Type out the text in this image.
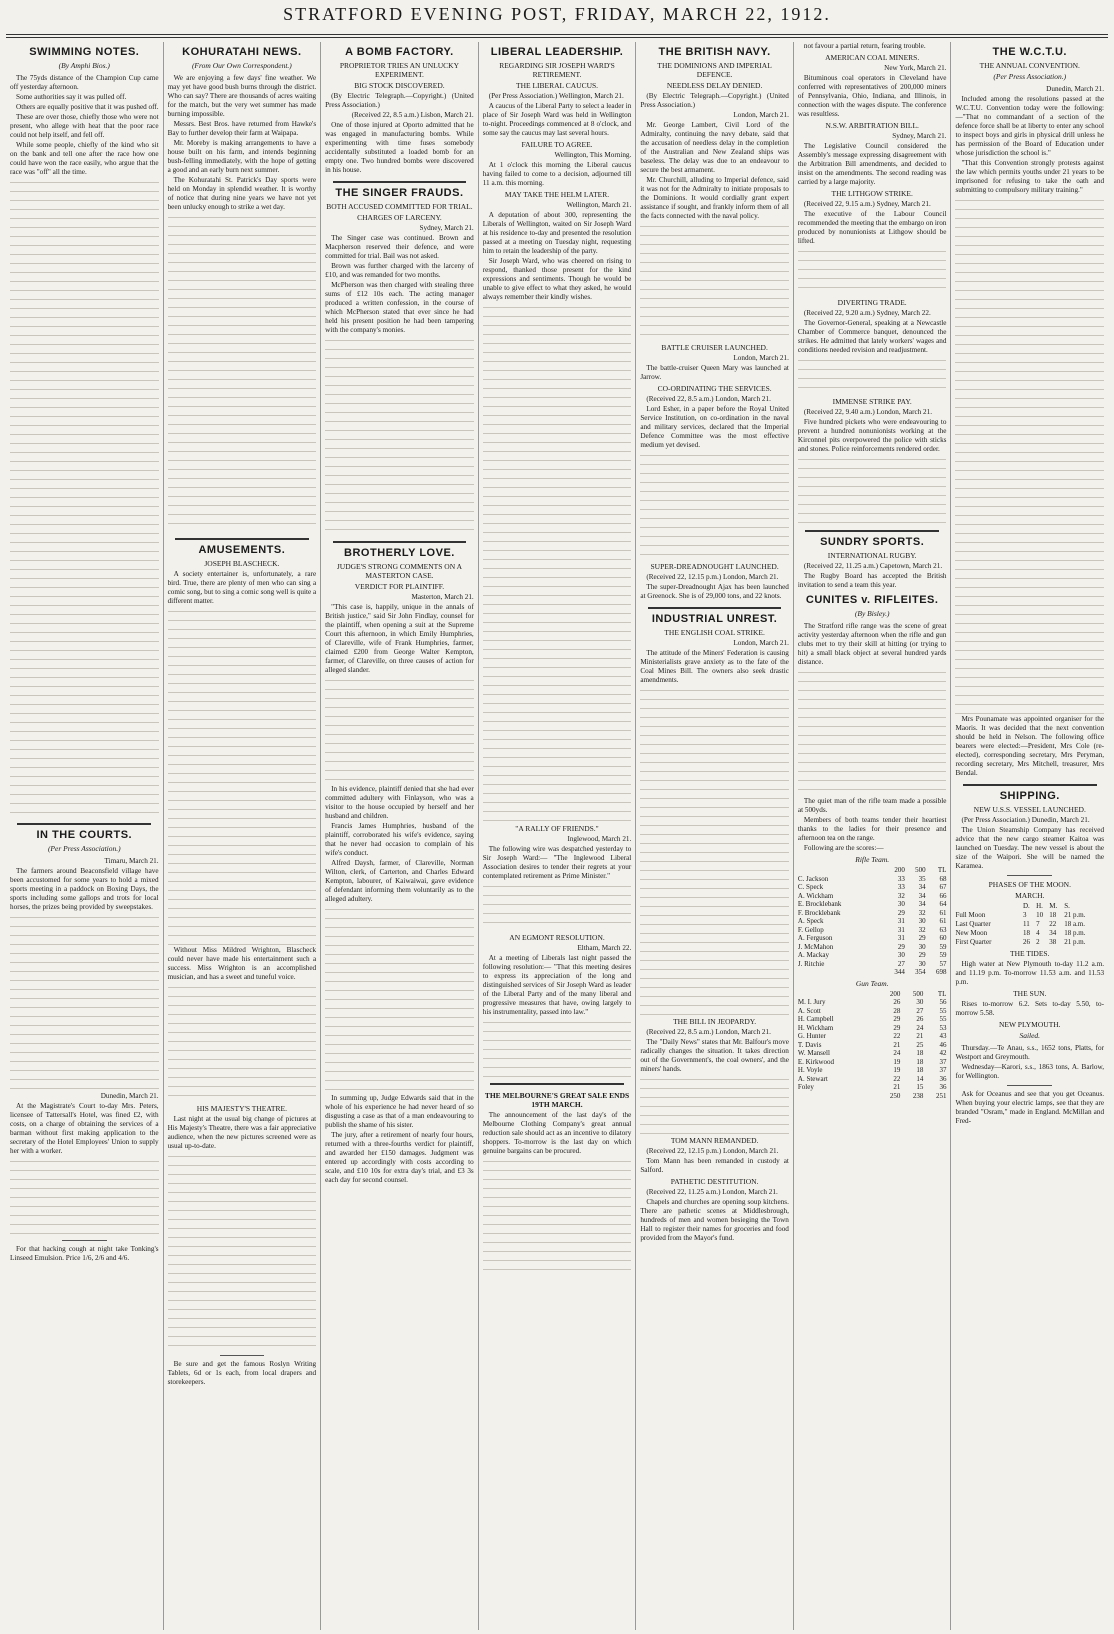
STRATFORD EVENING POST, FRIDAY, MARCH 22, 1912.
SWIMMING NOTES.
(By Amphi Bios.)

The 75yds distance of the Champion Cup came off yesterday afternoon.

Some authorities say it was pulled off.

Others are equally positive that it was pushed off.

These are over those, chiefly those who were not present, who allege with heat that the poor race could not help itself, and fell off.

While some people, chiefly of the kind who sit on the bank and tell one after the race how one could have won the race easily, who argue that the race was "off" all the time.

IN THE COURTS.
(Per Press Association.)

Timaru, March 21.

The farmers around Beaconsfield village have been accustomed for some years to hold a mixed sports meeting in a paddock on Boxing Days, the sports including some gallops and trots for local horses, the prizes being provided by sweepstakes.

Dunedin, March 21.

At the Magistrate's Court to-day Mrs. Peters, licensee of Tattersall's Hotel, was fined £2, with costs, on a charge of obtaining the services of a barman without first making application to the secretary of the Hotel Employees' Union to supply her with a worker.

For that hacking cough at night take Tonking's Linseed Emulsion. Price 1/6, 2/6 and 4/6.

KOHURATAHI NEWS.
(From Our Own Correspondent.)

We are enjoying a few days' fine weather. We may yet have good bush burns through the district. Who can say? There are thousands of acres waiting for the match, but the very wet summer has made burning impossible.

Messrs. Best Bros. have returned from Hawke's Bay to further develop their farm at Waipapa.

Mr. Moreby is making arrangements to have a house built on his farm, and intends beginning bush-felling immediately, with the hope of getting a good and an early burn next summer.

The Kohuratahi St. Patrick's Day sports were held on Monday in splendid weather. It is worthy of notice that during nine years we have not yet been unlucky enough to strike a wet day.

AMUSEMENTS.
JOSEPH BLASCHECK.

A society entertainer is, unfortunately, a rare bird. True, there are plenty of men who can sing a comic song, but to sing a comic song well is quite a different matter.

Without Miss Mildred Wrighton, Blascheck could never have made his entertainment such a success. Miss Wrighton is an accomplished musician, and has a sweet and tuneful voice.

HIS MAJESTY'S THEATRE.

Last night at the usual big change of pictures at His Majesty's Theatre, there was a fair appreciative audience, when the new pictures screened were as usual up-to-date.

Be sure and get the famous Roslyn Writing Tablets, 6d or 1s each, from local drapers and storekeepers.

A BOMB FACTORY.
PROPRIETOR TRIES AN UNLUCKY EXPERIMENT.
BIG STOCK DISCOVERED.

(By Electric Telegraph.—Copyright.) (United Press Association.)

(Received 22, 8.5 a.m.) Lisbon, March 21.

One of those injured at Oporto admitted that he was engaged in manufacturing bombs. While experimenting with time fuses somebody accidentally substituted a loaded bomb for an empty one. Two hundred bombs were discovered in his house.

THE SINGER FRAUDS.
BOTH ACCUSED COMMITTED FOR TRIAL.
CHARGES OF LARCENY.

Sydney, March 21.

The Singer case was continued. Brown and Macpherson reserved their defence, and were committed for trial. Bail was not asked.

Brown was further charged with the larceny of £10, and was remanded for two months.

McPherson was then charged with stealing three sums of £12 10s each. The acting manager produced a written confession, in the course of which McPherson stated that ever since he had held his present position he had been tampering with the company's monies.

BROTHERLY LOVE.
JUDGE'S STRONG COMMENTS ON A MASTERTON CASE.
VERDICT FOR PLAINTIFF.

Masterton, March 21.

"This case is, happily, unique in the annals of British justice," said Sir John Findlay, counsel for the plaintiff, when opening a suit at the Supreme Court this afternoon, in which Emily Humphries, of Clareville, wife of Frank Humphries, farmer, claimed £200 from George Walter Kempton, farmer, of Clareville, on three causes of action for alleged slander.

In his evidence, plaintiff denied that she had ever committed adultery with Finlayson, who was a visitor to the house occupied by herself and her husband and children.

Francis James Humphries, husband of the plaintiff, corroborated his wife's evidence, saying that he never had occasion to complain of his wife's conduct.

Alfred Daysh, farmer, of Clareville, Norman Wilton, clerk, of Carterton, and Charles Edward Kempton, labourer, of Kaiwaiwai, gave evidence of defendant informing them voluntarily as to the alleged adultery.

In summing up, Judge Edwards said that in the whole of his experience he had never heard of so disgusting a case as that of a man endeavouring to publish the shame of his sister.

The jury, after a retirement of nearly four hours, returned with a three-fourths verdict for plaintiff, and awarded her £150 damages. Judgment was entered up accordingly with costs according to scale, and £10 10s for extra day's trial, and £3 3s each day for second counsel.

LIBERAL LEADERSHIP.
REGARDING SIR JOSEPH WARD'S RETIREMENT.
THE LIBERAL CAUCUS.

(Per Press Association.) Wellington, March 21.

A caucus of the Liberal Party to select a leader in place of Sir Joseph Ward was held in Wellington to-night. Proceedings commenced at 8 o'clock, and some say the caucus may last several hours.

FAILURE TO AGREE.

Wellington, This Morning.

At 1 o'clock this morning the Liberal caucus having failed to come to a decision, adjourned till 11 a.m. this morning.

MAY TAKE THE HELM LATER.

Wellington, March 21.

A deputation of about 300, representing the Liberals of Wellington, waited on Sir Joseph Ward at his residence to-day and presented the resolution passed at a meeting on Tuesday night, requesting him to retain the leadership of the party.

Sir Joseph Ward, who was cheered on rising to respond, thanked those present for the kind expressions and sentiments. Though he would be unable to give effect to what they asked, he would always remember their kindly wishes.

"A RALLY OF FRIENDS."

Inglewood, March 21.

The following wire was despatched yesterday to Sir Joseph Ward:— "The Inglewood Liberal Association desires to tender their regrets at your contemplated retirement as Prime Minister."

AN EGMONT RESOLUTION.

Eltham, March 22.

At a meeting of Liberals last night passed the following resolution:— "That this meeting desires to express its appreciation of the long and distinguished services of Sir Joseph Ward as leader of the Liberal Party and of the many liberal and progressive measures that have, owing largely to his instrumentality, passed into law."

THE MELBOURNE'S GREAT SALE ENDS 19TH MARCH.

The announcement of the last day's of the Melbourne Clothing Company's great annual reduction sale should act as an incentive to dilatory shoppers. To-morrow is the last day on which genuine bargains can be procured.

THE BRITISH NAVY.
THE DOMINIONS AND IMPERIAL DEFENCE.
NEEDLESS DELAY DENIED.

(By Electric Telegraph.—Copyright.) (United Press Association.)

London, March 21.

Mr. George Lambert, Civil Lord of the Admiralty, continuing the navy debate, said that the accusation of needless delay in the completion of the Australian and New Zealand ships was baseless. The delay was due to an endeavour to secure the best armament.

Mr. Churchill, alluding to Imperial defence, said it was not for the Admiralty to initiate proposals to the Dominions. It would cordially grant expert assistance if sought, and frankly inform them of all the facts connected with the naval policy.

BATTLE CRUISER LAUNCHED.

London, March 21.

The battle-cruiser Queen Mary was launched at Jarrow.

CO-ORDINATING THE SERVICES.

(Received 22, 8.5 a.m.) London, March 21.

Lord Esher, in a paper before the Royal United Service Institution, on co-ordination in the naval and military services, declared that the Imperial Defence Committee was the most effective medium yet devised.

SUPER-DREADNOUGHT LAUNCHED.

(Received 22, 12.15 p.m.) London, March 21.

The super-Dreadnought Ajax has been launched at Greenock. She is of 29,000 tons, and 22 knots.

INDUSTRIAL UNREST.
THE ENGLISH COAL STRIKE.

London, March 21.

The attitude of the Miners' Federation is causing Ministerialists grave anxiety as to the fate of the Coal Mines Bill. The owners also seek drastic amendments.

THE BILL IN JEOPARDY.

(Received 22, 8.5 a.m.) London, March 21.

The "Daily News" states that Mr. Balfour's move radically changes the situation. It takes direction out of the Government's, the coal owners', and the miners' hands.

TOM MANN REMANDED.

(Received 22, 12.15 p.m.) London, March 21.

Tom Mann has been remanded in custody at Salford.

PATHETIC DESTITUTION.

(Received 22, 11.25 a.m.) London, March 21.

Chapels and churches are opening soup kitchens. There are pathetic scenes at Middlesbrough, hundreds of men and women besieging the Town Hall to register their names for groceries and food provided from the Mayor's fund.

not favour a partial return, fearing trouble.

AMERICAN COAL MINERS.

New York, March 21.

Bituminous coal operators in Cleveland have conferred with representatives of 200,000 miners of Pennsylvania, Ohio, Indiana, and Illinois, in connection with the wages dispute. The conference was resultless.

N.S.W. ARBITRATION BILL.

Sydney, March 21.

The Legislative Council considered the Assembly's message expressing disagreement with the Arbitration Bill amendments, and decided to insist on the amendments. The second reading was carried by a large majority.

THE LITHGOW STRIKE.

(Received 22, 9.15 a.m.) Sydney, March 21.

The executive of the Labour Council recommended the meeting that the embargo on iron produced by nonunionists at Lithgow should be lifted.

DIVERTING TRADE.

(Received 22, 9.20 a.m.) Sydney, March 22.

The Governor-General, speaking at a Newcastle Chamber of Commerce banquet, denounced the strikes. He admitted that lately workers' wages and conditions needed revision and readjustment.

IMMENSE STRIKE PAY.

(Received 22, 9.40 a.m.) London, March 21.

Five hundred pickets who were endeavouring to prevent a hundred nonunionists working at the Kirconnel pits overpowered the police with sticks and stones. Police reinforcements rendered order.

SUNDRY SPORTS.
INTERNATIONAL RUGBY.

(Received 22, 11.25 a.m.) Capetown, March 21.

The Rugby Board has accepted the British invitation to send a team this year.

CUNITES v. RIFLEITES.
(By Bisley.)

The Stratford rifle range was the scene of great activity yesterday afternoon when the rifle and gun clubs met to try their skill at hitting (or trying to hit) a small black object at several hundred yards distance.

The quiet man of the rifle team made a possible at 500yds.

Members of both teams tender their heartiest thanks to the ladies for their presence and afternoon tea on the range.

Following are the scores:—

Rifle Team.
	200	500	TL
C. Jackson	33	35	68
C. Speck	33	34	67
A. Wickham	32	34	66
E. Brocklebank	30	34	64
F. Brocklebank	29	32	61
A. Speck	31	30	61
F. Gellop	31	32	63
A. Ferguson	31	29	60
J. McMahon	29	30	59
A. Mackay	30	29	59
J. Ritchie	27	30	57
	344	354	698
Gun Team.
	200	500	TL
M. I. Jury	26	30	56
A. Scott	28	27	55
H. Campbell	29	26	55
H. Wickham	29	24	53
G. Hunter	22	21	43
T. Davis	21	25	46
W. Mansell	24	18	42
E. Kirkwood	19	18	37
H. Voyle	19	18	37
A. Stewart	22	14	36
Foley	21	15	36
	250	238	251
THE W.C.T.U.
THE ANNUAL CONVENTION.
(Per Press Association.)

Dunedin, March 21.

Included among the resolutions passed at the W.C.T.U. Convention today were the following:—"That no commandant of a section of the defence force shall be at liberty to enter any school to inspect boys and girls in physical drill unless he has permission of the Board of Education under whose jurisdiction the school is."

"That this Convention strongly protests against the law which permits youths under 21 years to be imprisoned for refusing to take the oath and submitting to compulsory military training."

Mrs Pounamate was appointed organiser for the Maoris. It was decided that the next convention should be held in Nelson. The following office bearers were elected:—President, Mrs Cole (re-elected), corresponding secretary, Mrs Peryman, recording secretary, Mrs Mitchell, treasurer, Mrs Bendal.

SHIPPING.
NEW U.S.S. VESSEL LAUNCHED.

(Per Press Association.) Dunedin, March 21.

The Union Steamship Company has received advice that the new cargo steamer Kaitoa was launched on Tuesday. The new vessel is about the size of the Waipori. She will be named the Karamea.

PHASES OF THE MOON.
MARCH.
	D.	H.	M.	S.
Full Moon	3	10	18	21 p.m.
Last Quarter	11	7	22	18 a.m.
New Moon	18	4	34	18 p.m.
First Quarter	26	2	38	21 p.m.
THE TIDES.

High water at New Plymouth to-day 11.2 a.m. and 11.19 p.m. To-morrow 11.53 a.m. and 11.53 p.m.

THE SUN.

Rises to-morrow 6.2. Sets to-day 5.50, to-morrow 5.58.

NEW PLYMOUTH.
Sailed.

Thursday.—Te Anau, s.s., 1652 tons, Platts, for Westport and Greymouth.

Wednesday—Karori, s.s., 1863 tons, A. Barlow, for Wellington.

Ask for Oceanus and see that you get Oceanus. When buying your electric lamps, see that they are branded "Osram," made in England. McMillan and Fred-
